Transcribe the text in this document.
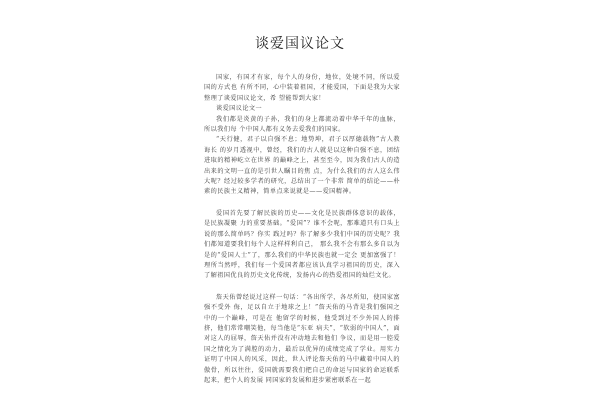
谈爱国议论文

国家，有国才有家，每个人的身份，地位，处境不同，所以爱国的方式也 有所不同，心中装着祖国，才能爱国，下面是我为大家整理了谈爱国议论文，希 望能帮到大家！

谈爱国议论文一

我们都是炎黄的子孙，我们的身上都流动着中华千年的血脉，所以我们每 个中国人都有义务去爱我们的国家。

“天行健，君子以自强不息；地势坤，君子以厚德载物”古人教诲长 的岁月透视中，曾经，我们的古人就是以这种自强不息，团结进取的精神屹立在世界 的巅峰之上，甚至至今，因为我们古人的造出来的文明一直的是引世人瞩目的焦 点，为什么我们的古人这么伟大呢？经过较多学者的研究，总结出了一个非常 简单的结论——朴素的民族主义精神，简单点来说就是——爱国精神。

爱国首先要了解民族的历史——文化是民族群体意识的载体，是民族凝聚 力的重要基础。“爱国”？谁不会呢，那难道只有口头上说的那么简单吗？你实 践过吗？你了解多少我们中国的历史呢？我们都知道要我们每个人这样样利自己， 那么我不会有那么多自以为是的“爱国人士”了，那么我们的中华民族也就一定会 更加富强了！理所当然呼，我们每一个爱国者都应该认真学习祖国的历史，深入 了解祖国优良的历史文化传统，发扬内心的热爱祖国的灿烂文化。

詹天佑曾经说过这样一句话：“各出所学，各尽所知，使国家富强不受外 侮，足以自立于地球之上！”詹天佑的马背是我们强国之中的一个巅峰，可是在 他留学的时候，他受到过不少外国人的排挤，他们常常嘲笑他，每当他是“东亚 病夫”，“软弱的中国人”，面对这人的屈辱，詹天佑并没有冲动地去和他们 争议，而是用一腔爱国之情化为了满腔的动力，最后以优异的成绩完成了学业。用实力证明了中国人的风采，因此，世人评论詹天佑的马中藏着中国人的傲骨，所以往往，爱国就需要我们把自己的命运与国家的命运联系起来，把个人的发展 同国家的发展和进步紧密联系在一起
